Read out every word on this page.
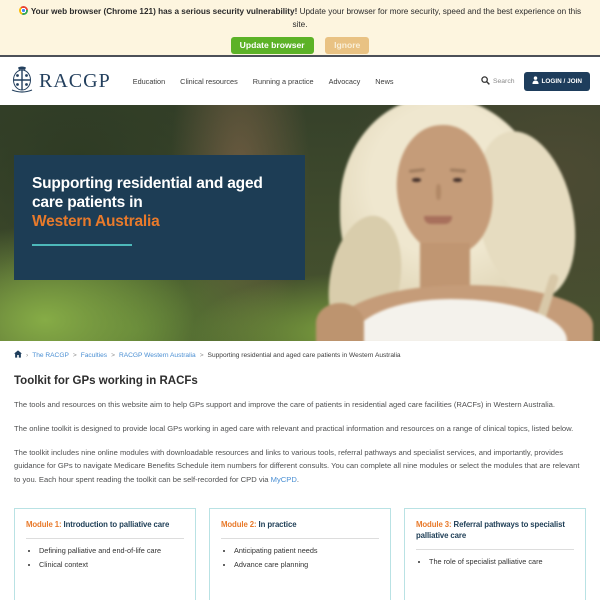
Your web browser (Chrome 121) has a serious security vulnerability! Update your browser for more security, speed and the best experience on this site.
Update browser	Ignore
RACGP	Education Clinical resources Running a practice Advocacy News	Search	LOGIN / JOIN
Supporting residential and aged care patients in
Western Australia
› The RACGP > Faculties > RACGP Western Australia > Supporting residential and aged care patients in Western Australia
Toolkit for GPs working in RACFs

The tools and resources on this website aim to help GPs support and improve the care of patients in residential aged care facilities (RACFs) in Western Australia.

The online toolkit is designed to provide local GPs working in aged care with relevant and practical information and resources on a range of clinical topics, listed below.

The toolkit includes nine online modules with downloadable resources and links to various tools, referral pathways and specialist services, and importantly, provides guidance for GPs to navigate Medicare Benefits Schedule item numbers for different consults. You can complete all nine modules or select the modules that are relevant to you. Each hour spent reading the toolkit can be self-recorded for CPD via MyCPD.

Module 1: Introduction to palliative care
• Defining palliative and end-of-life care
• Clinical context
Module 2: In practice
• Anticipating patient needs
• Advance care planning
Module 3: Referral pathways to specialist palliative care
• The role of specialist palliative care
